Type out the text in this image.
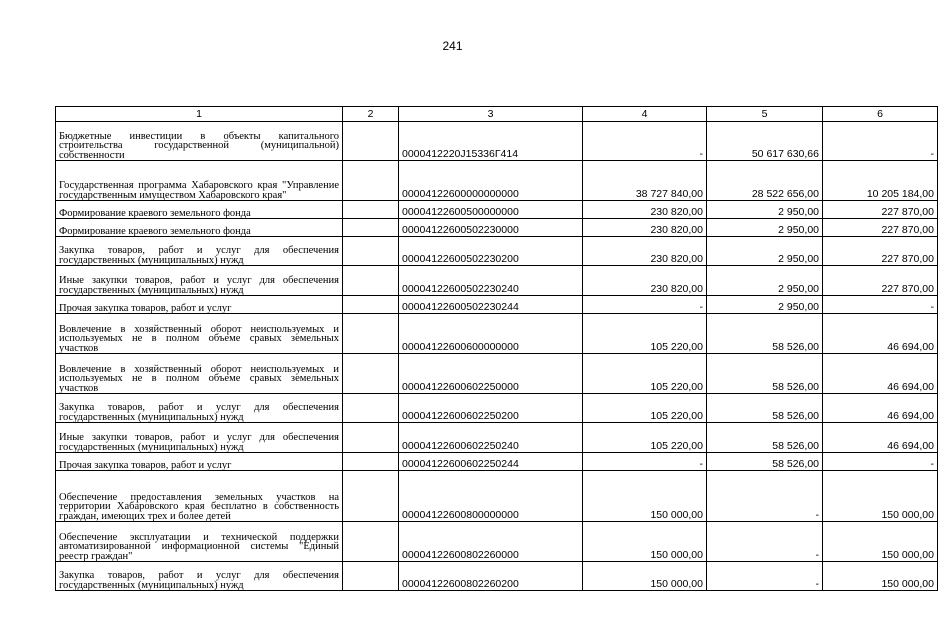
241
1	2	3	4	5	6
Бюджетные инвестиции в объекты капитального строительства государственной (муниципальной) собственности		0000412220J15336Г414	-	50 617 630,66	-
Государственная программа Хабаровского края "Управление государственным имуществом Хабаровского края"		00004122600000000000	38 727 840,00	28 522 656,00	10 205 184,00
Формирование краевого земельного фонда		00004122600500000000	230 820,00	2 950,00	227 870,00
Формирование краевого земельного фонда		00004122600502230000	230 820,00	2 950,00	227 870,00
Закупка товаров, работ и услуг для обеспечения государственных (муниципальных) нужд		00004122600502230200	230 820,00	2 950,00	227 870,00
Иные закупки товаров, работ и услуг для обеспечения государственных (муниципальных) нужд		00004122600502230240	230 820,00	2 950,00	227 870,00
Прочая закупка товаров, работ и услуг		00004122600502230244	-	2 950,00	-
Вовлечение в хозяйственный оборот неиспользуемых и используемых не в полном объеме сравых земельных участков		00004122600600000000	105 220,00	58 526,00	46 694,00
Вовлечение в хозяйственный оборот неиспользуемых и используемых не в полном объеме сравых земельных участков		00004122600602250000	105 220,00	58 526,00	46 694,00
Закупка товаров, работ и услуг для обеспечения государственных (муниципальных) нужд		00004122600602250200	105 220,00	58 526,00	46 694,00
Иные закупки товаров, работ и услуг для обеспечения государственных (муниципальных) нужд		00004122600602250240	105 220,00	58 526,00	46 694,00
Прочая закупка товаров, работ и услуг		00004122600602250244	-	58 526,00	-
Обеспечение предоставления земельных участков на территории Хабаровского края бесплатно в собственность граждан, имеющих трех и более детей		00004122600800000000	150 000,00	-	150 000,00
Обеспечение эксплуатации и технической поддержки автоматизированной информационной системы "Единый реестр граждан"		00004122600802260000	150 000,00	-	150 000,00
Закупка товаров, работ и услуг для обеспечения государственных (муниципальных) нужд		00004122600802260200	150 000,00	-	150 000,00
